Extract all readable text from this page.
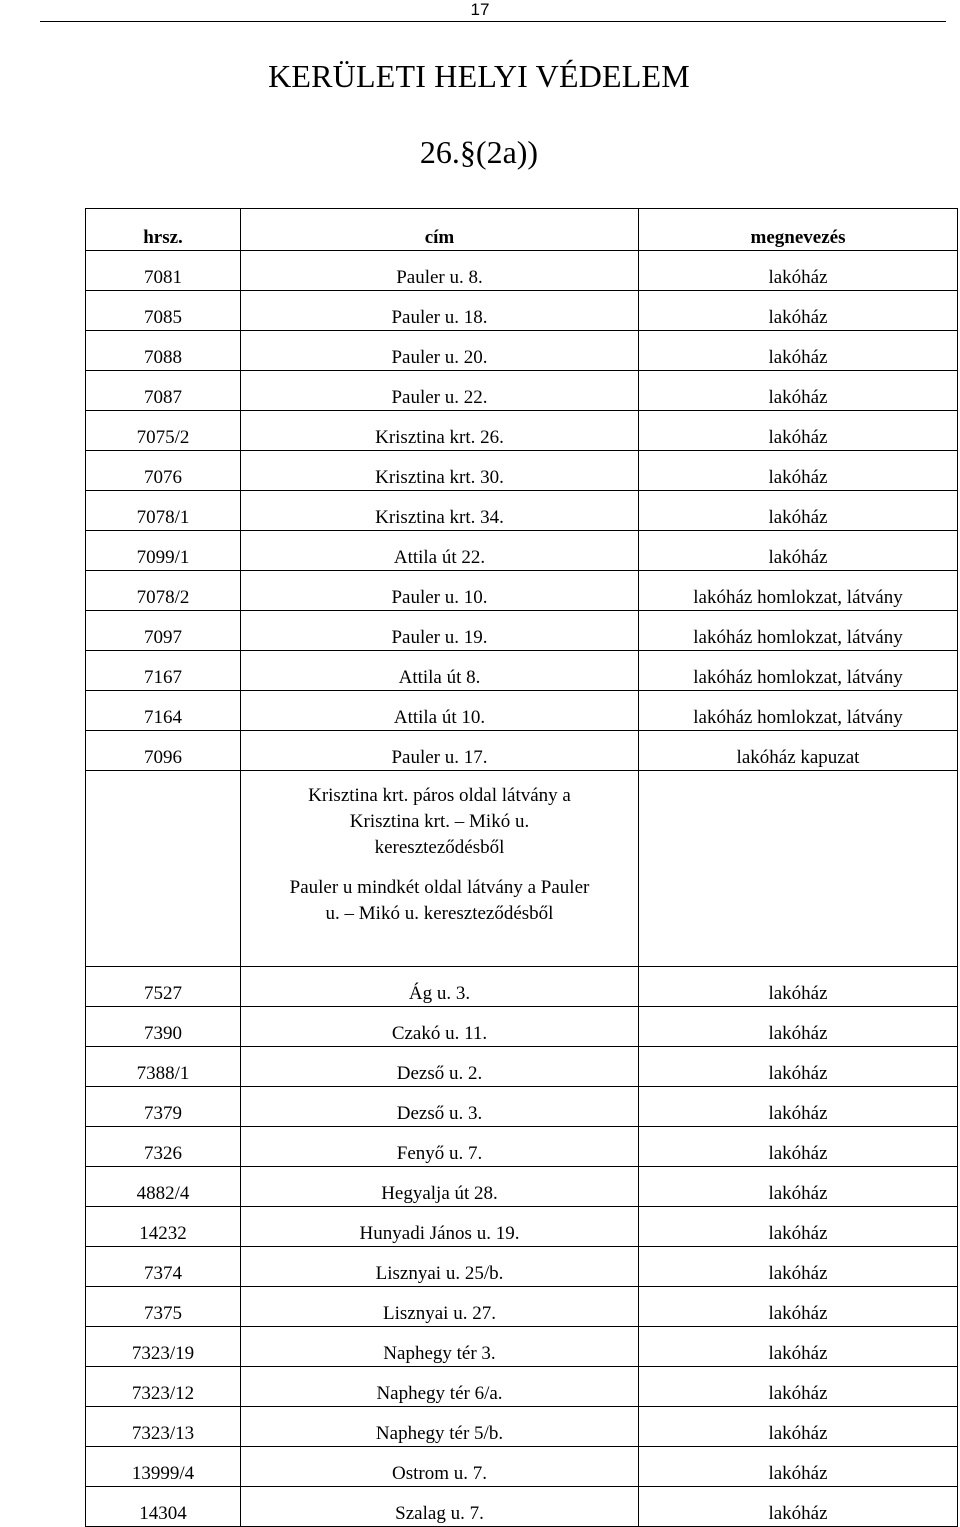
17
KERÜLETI HELYI VÉDELEM
26.§(2a))
hrsz.	cím	megnevezés
7081	Pauler u. 8.	lakóház
7085	Pauler u. 18.	lakóház
7088	Pauler u. 20.	lakóház
7087	Pauler u. 22.	lakóház
7075/2	Krisztina krt. 26.	lakóház
7076	Krisztina krt. 30.	lakóház
7078/1	Krisztina krt. 34.	lakóház
7099/1	Attila út 22.	lakóház
7078/2	Pauler u. 10.	lakóház homlokzat, látvány
7097	Pauler u. 19.	lakóház homlokzat, látvány
7167	Attila út 8.	lakóház homlokzat, látvány
7164	Attila út 10.	lakóház homlokzat, látvány
7096	Pauler u. 17.	lakóház kapuzat

	Krisztina krt. páros oldal látvány a Krisztina krt. – Mikó u. kereszteződésből
Pauler u mindkét oldal látvány a Pauler u. – Mikó u. kereszteződésből	

7527	Ág u. 3.	lakóház
7390	Czakó u. 11.	lakóház
7388/1	Dezső u. 2.	lakóház
7379	Dezső u. 3.	lakóház
7326	Fenyő u. 7.	lakóház
4882/4	Hegyalja út 28.	lakóház
14232	Hunyadi János u. 19.	lakóház
7374	Lisznyai u. 25/b.	lakóház
7375	Lisznyai u. 27.	lakóház
7323/19	Naphegy tér 3.	lakóház
7323/12	Naphegy tér 6/a.	lakóház
7323/13	Naphegy tér 5/b.	lakóház
13999/4	Ostrom u. 7.	lakóház
14304	Szalag u. 7.	lakóház
